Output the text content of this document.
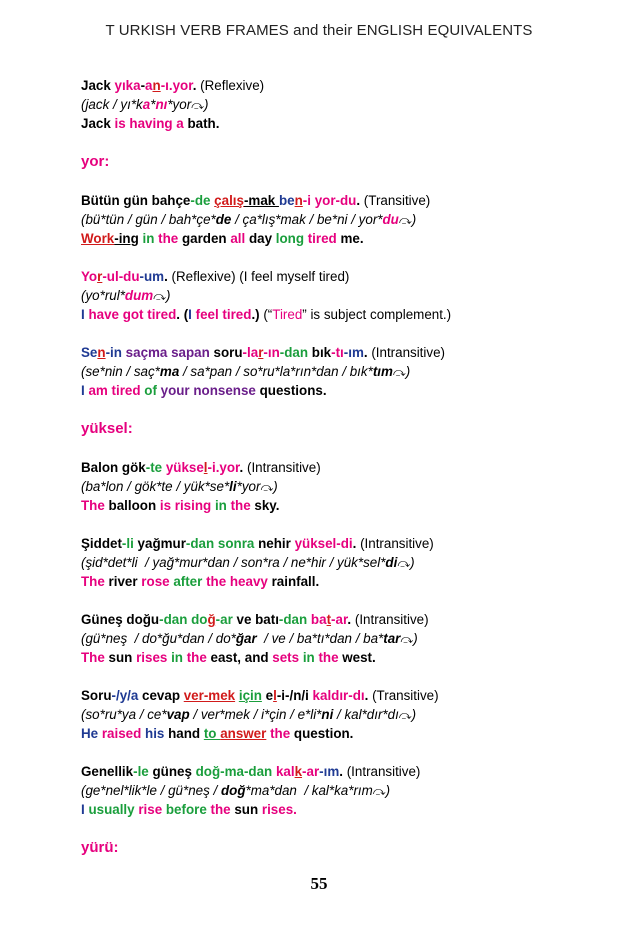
T URKISH VERB FRAMES and their ENGLISH EQUIVALENTS
Jack yıka-an-ı.yor. (Reflexive)
(jack / yı*ka*nı*yor⤼)
Jack is having a bath.
yor:
Bütün gün bahçe-de çalış-mak ben-i yor-du. (Transitive)
(bü*tün / gün / bah*çe*de / ça*lış*mak / be*ni / yor*du⤼)
Work-ing in the garden all day long tired me.
Yor-ul-du-um. (Reflexive) (I feel myself tired)
(yo*rul*dum⤼)
I have got tired. (I feel tired.) (“Tired” is subject complement.)
Sen-in saçma sapan soru-lar-ın-dan bık-tı-ım. (Intransitive)
(se*nin / saç*ma / sa*pan / so*ru*la*rın*dan / bık*tım⤼)
I am tired of your nonsense questions.
yüksel:
Balon gök-te yüksel-i.yor. (Intransitive)
(ba*lon / gök*te / yük*se*li*yor⤼)
The balloon is rising in the sky.
Şiddet-li yağmur-dan sonra nehir yüksel-di. (Intransitive)
(şid*det*li  / yağ*mur*dan / son*ra / ne*hir / yük*sel*di⤼)
The river rose after the heavy rainfall.
Güneş doğu-dan doğ-ar ve batı-dan bat-ar. (Intransitive)
(gü*neş  / do*ğu*dan / do*ğar  / ve / ba*tı*dan / ba*tar⤼)
The sun rises in the east, and sets in the west.
Soru-/y/a cevap ver-mek için el-i-/n/i kaldır-dı. (Transitive)
(so*ru*ya / ce*vap / ver*mek / i*çin / e*li*ni / kal*dır*dı⤼)
He raised his hand to answer the question.
Genellik-le güneş doğ-ma-dan kalk-ar-ım. (Intransitive)
(ge*nel*lik*le / gü*neş / doğ*ma*dan  / kal*ka*rım⤼)
I usually rise before the sun rises.
yürü:
55
